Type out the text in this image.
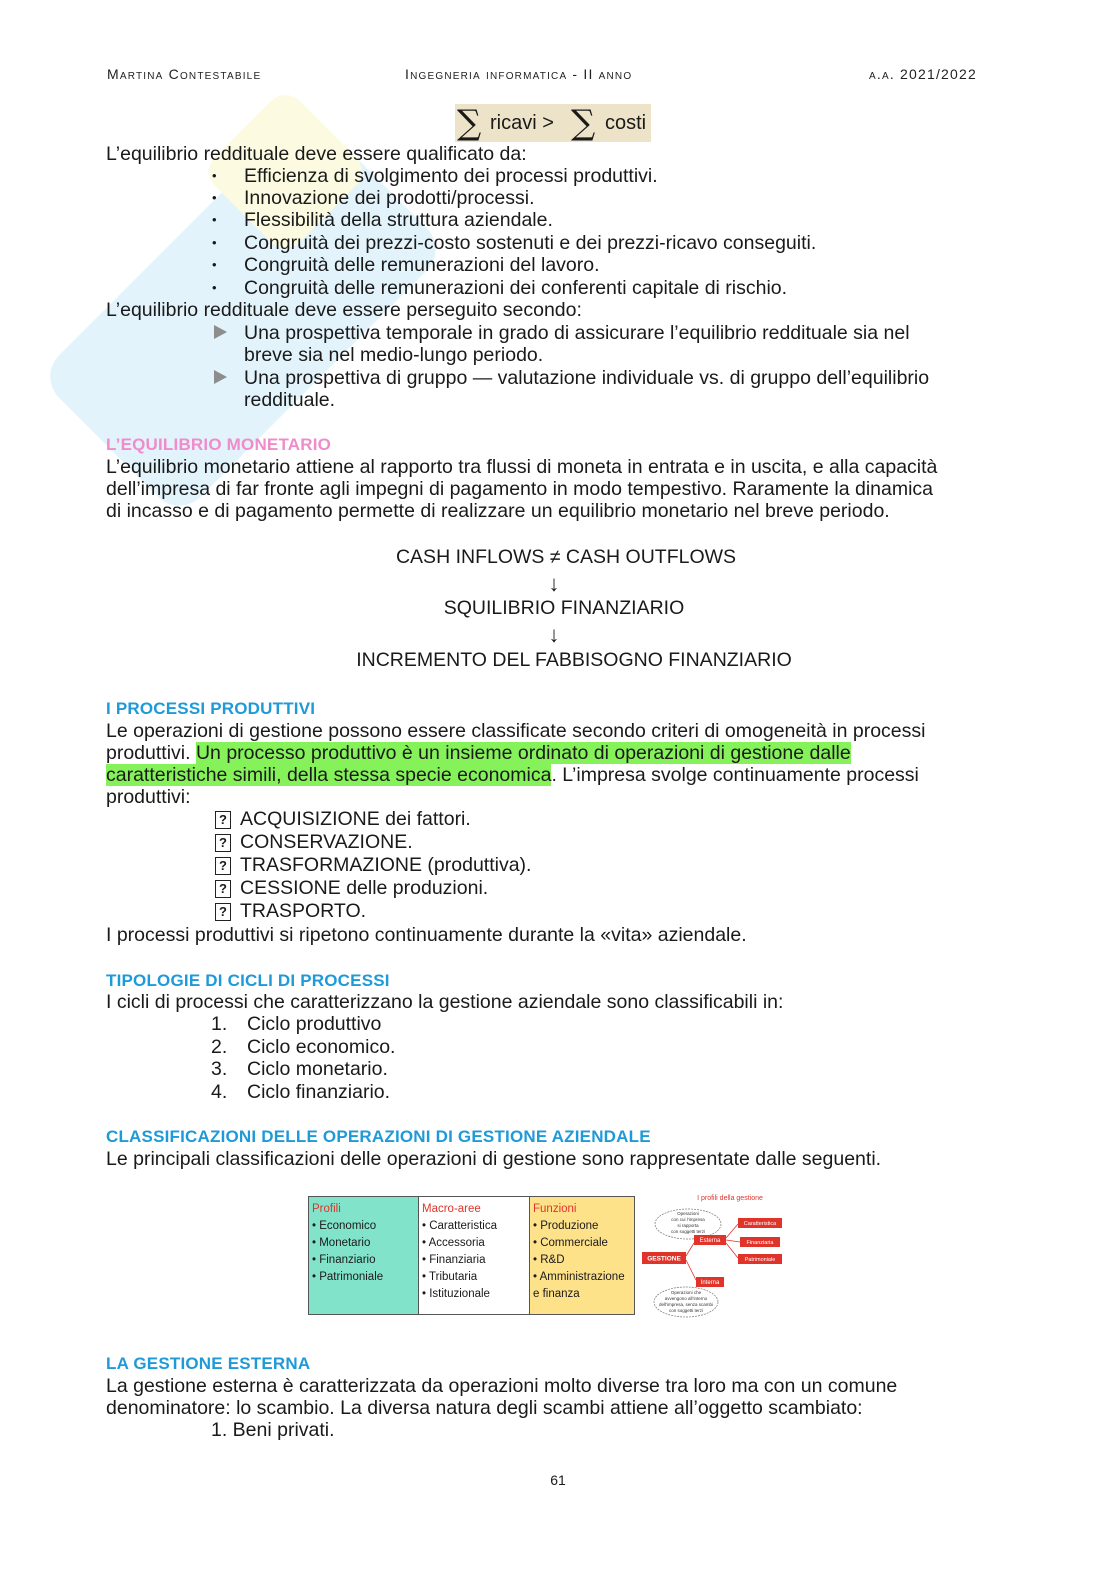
Martina Contestabile	Ingegneria informatica - II anno	a.a. 2021/2022
∑ ricavi > ∑ costi
L’equilibrio reddituale deve essere qualificato da:
• Efficienza di svolgimento dei processi produttivi.
• Innovazione dei prodotti/processi.
• Flessibilità della struttura aziendale.
• Congruità dei prezzi-costo sostenuti e dei prezzi-ricavo conseguiti.
• Congruità delle remunerazioni del lavoro.
• Congruità delle remunerazioni dei conferenti capitale di rischio.
L’equilibrio reddituale deve essere perseguito secondo:
Una prospettiva temporale in grado di assicurare l’equilibrio reddituale sia nel
breve sia nel medio-lungo periodo.
Una prospettiva di gruppo — valutazione individuale vs. di gruppo dell’equilibrio
reddituale.
L’EQUILIBRIO MONETARIO
L’equilibrio monetario attiene al rapporto tra flussi di moneta in entrata e in uscita, e alla capacità
dell’impresa di far fronte agli impegni di pagamento in modo tempestivo. Raramente la dinamica
di incasso e di pagamento permette di realizzare un equilibrio monetario nel breve periodo.
CASH INFLOWS ≠ CASH OUTFLOWS
↓
SQUILIBRIO FINANZIARIO
↓
INCREMENTO DEL FABBISOGNO FINANZIARIO
I PROCESSI PRODUTTIVI
Le operazioni di gestione possono essere classificate secondo criteri di omogeneità in processi
produttivi. Un processo produttivo è un insieme ordinato di operazioni di gestione dalle
caratteristiche simili, della stessa specie economica. L’impresa svolge continuamente processi
produttivi:
? ACQUISIZIONE dei fattori.
? CONSERVAZIONE.
? TRASFORMAZIONE (produttiva).
? CESSIONE delle produzioni.
? TRASPORTO.
I processi produttivi si ripetono continuamente durante la «vita» aziendale.
TIPOLOGIE DI CICLI DI PROCESSI
I cicli di processi che caratterizzano la gestione aziendale sono classificabili in:
1. Ciclo produttivo
2. Ciclo economico.
3. Ciclo monetario.
4. Ciclo finanziario.
CLASSIFICAZIONI DELLE OPERAZIONI DI GESTIONE AZIENDALE
Le principali classificazioni delle operazioni di gestione sono rappresentate dalle seguenti.
Profili
• Economico
• Monetario
• Finanziario
• Patrimoniale
Macro-aree
• Caratteristica
• Accessoria
• Finanziaria
• Tributaria
• Istituzionale
Funzioni
• Produzione
• Commerciale
• R&D
• Amministrazione
e finanza
I profili della gestione
Operazioni
con cui l’impresa
si rapporta
con soggetti terzi
GESTIONE
Esterna
Interna
Caratteristica
Finanziaria
Patrimoniale
Operazioni che
avvengono all’interno
dell’impresa, senza scambi
con soggetti terzi
LA GESTIONE ESTERNA
La gestione esterna è caratterizzata da operazioni molto diverse tra loro ma con un comune
denominatore: lo scambio. La diversa natura degli scambi attiene all’oggetto scambiato:
1. Beni privati.
61
